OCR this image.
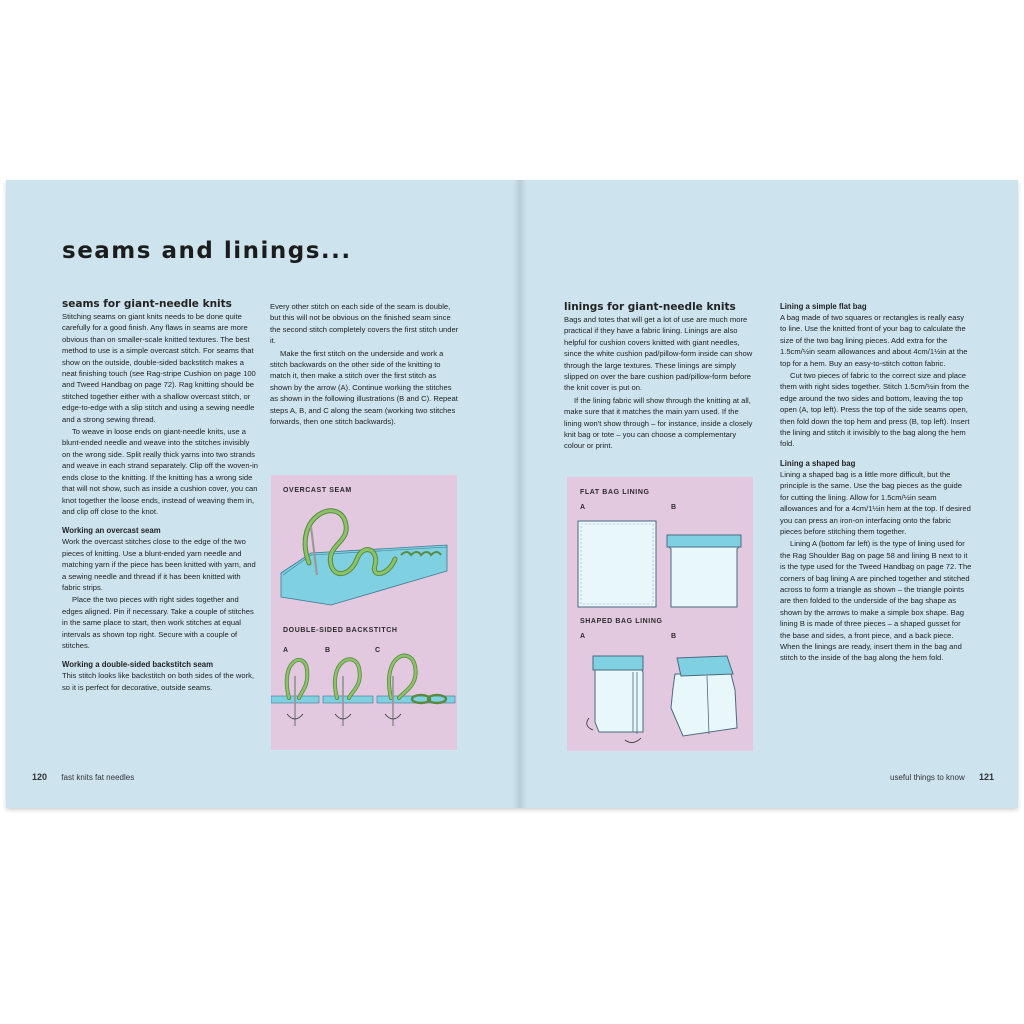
seams and linings...
seams for giant-needle knits

Stitching seams on giant knits needs to be done quite carefully for a good finish. Any flaws in seams are more obvious than on smaller-scale knitted textures. The best method to use is a simple overcast stitch. For seams that show on the outside, double-sided backstitch makes a neat finishing touch (see Rag-stripe Cushion on page 100 and Tweed Handbag on page 72). Rag knitting should be stitched together either with a shallow overcast stitch, or edge-to-edge with a slip stitch and using a sewing needle and a strong sewing thread.

To weave in loose ends on giant-needle knits, use a blunt-ended needle and weave into the stitches invisibly on the wrong side. Split really thick yarns into two strands and weave in each strand separately. Clip off the woven-in ends close to the knitting. If the knitting has a wrong side that will not show, such as inside a cushion cover, you can knot together the loose ends, instead of weaving them in, and clip off close to the knot.

Working an overcast seam

Work the overcast stitches close to the edge of the two pieces of knitting. Use a blunt-ended yarn needle and matching yarn if the piece has been knitted with yarn, and a sewing needle and thread if it has been knitted with fabric strips.

Place the two pieces with right sides together and edges aligned. Pin if necessary. Take a couple of stitches in the same place to start, then work stitches at equal intervals as shown top right. Secure with a couple of stitches.

Working a double-sided backstitch seam

This stitch looks like backstitch on both sides of the work, so it is perfect for decorative, outside seams.

Every other stitch on each side of the seam is double, but this will not be obvious on the finished seam since the second stitch completely covers the first stitch under it.

Make the first stitch on the underside and work a stitch backwards on the other side of the knitting to match it, then make a stitch over the first stitch as shown by the arrow (A). Continue working the stitches as shown in the following illustrations (B and C). Repeat steps A, B, and C along the seam (working two stitches forwards, then one stitch backwards).

OVERCAST SEAM
DOUBLE-SIDED BACKSTITCH
A	B	C
120 fast knits fat needles
linings for giant-needle knits

Bags and totes that will get a lot of use are much more practical if they have a fabric lining. Linings are also helpful for cushion covers knitted with giant needles, since the white cushion pad/pillow-form inside can show through the large textures. These linings are simply slipped on over the bare cushion pad/pillow-form before the knit cover is put on.

If the lining fabric will show through the knitting at all, make sure that it matches the main yarn used. If the lining won't show through – for instance, inside a closely knit bag or tote – you can choose a complementary colour or print.

FLAT BAG LINING
A	B
SHAPED BAG LINING
A	B
Lining a simple flat bag

A bag made of two squares or rectangles is really easy to line. Use the knitted front of your bag to calculate the size of the two bag lining pieces. Add extra for the 1.5cm/½in seam allowances and about 4cm/1½in at the top for a hem. Buy an easy-to-stitch cotton fabric.

Cut two pieces of fabric to the correct size and place them with right sides together. Stitch 1.5cm/½in from the edge around the two sides and bottom, leaving the top open (A, top left). Press the top of the side seams open, then fold down the top hem and press (B, top left). Insert the lining and stitch it invisibly to the bag along the hem fold.

Lining a shaped bag

Lining a shaped bag is a little more difficult, but the principle is the same. Use the bag pieces as the guide for cutting the lining. Allow for 1.5cm/½in seam allowances and for a 4cm/1½in hem at the top. If desired you can press an iron-on interfacing onto the fabric pieces before stitching them together.

Lining A (bottom far left) is the type of lining used for the Rag Shoulder Bag on page 58 and lining B next to it is the type used for the Tweed Handbag on page 72. The corners of bag lining A are pinched together and stitched across to form a triangle as shown – the triangle points are then folded to the underside of the bag shape as shown by the arrows to make a simple box shape. Bag lining B is made of three pieces – a shaped gusset for the base and sides, a front piece, and a back piece. When the linings are ready, insert them in the bag and stitch to the inside of the bag along the hem fold.

useful things to know 121
